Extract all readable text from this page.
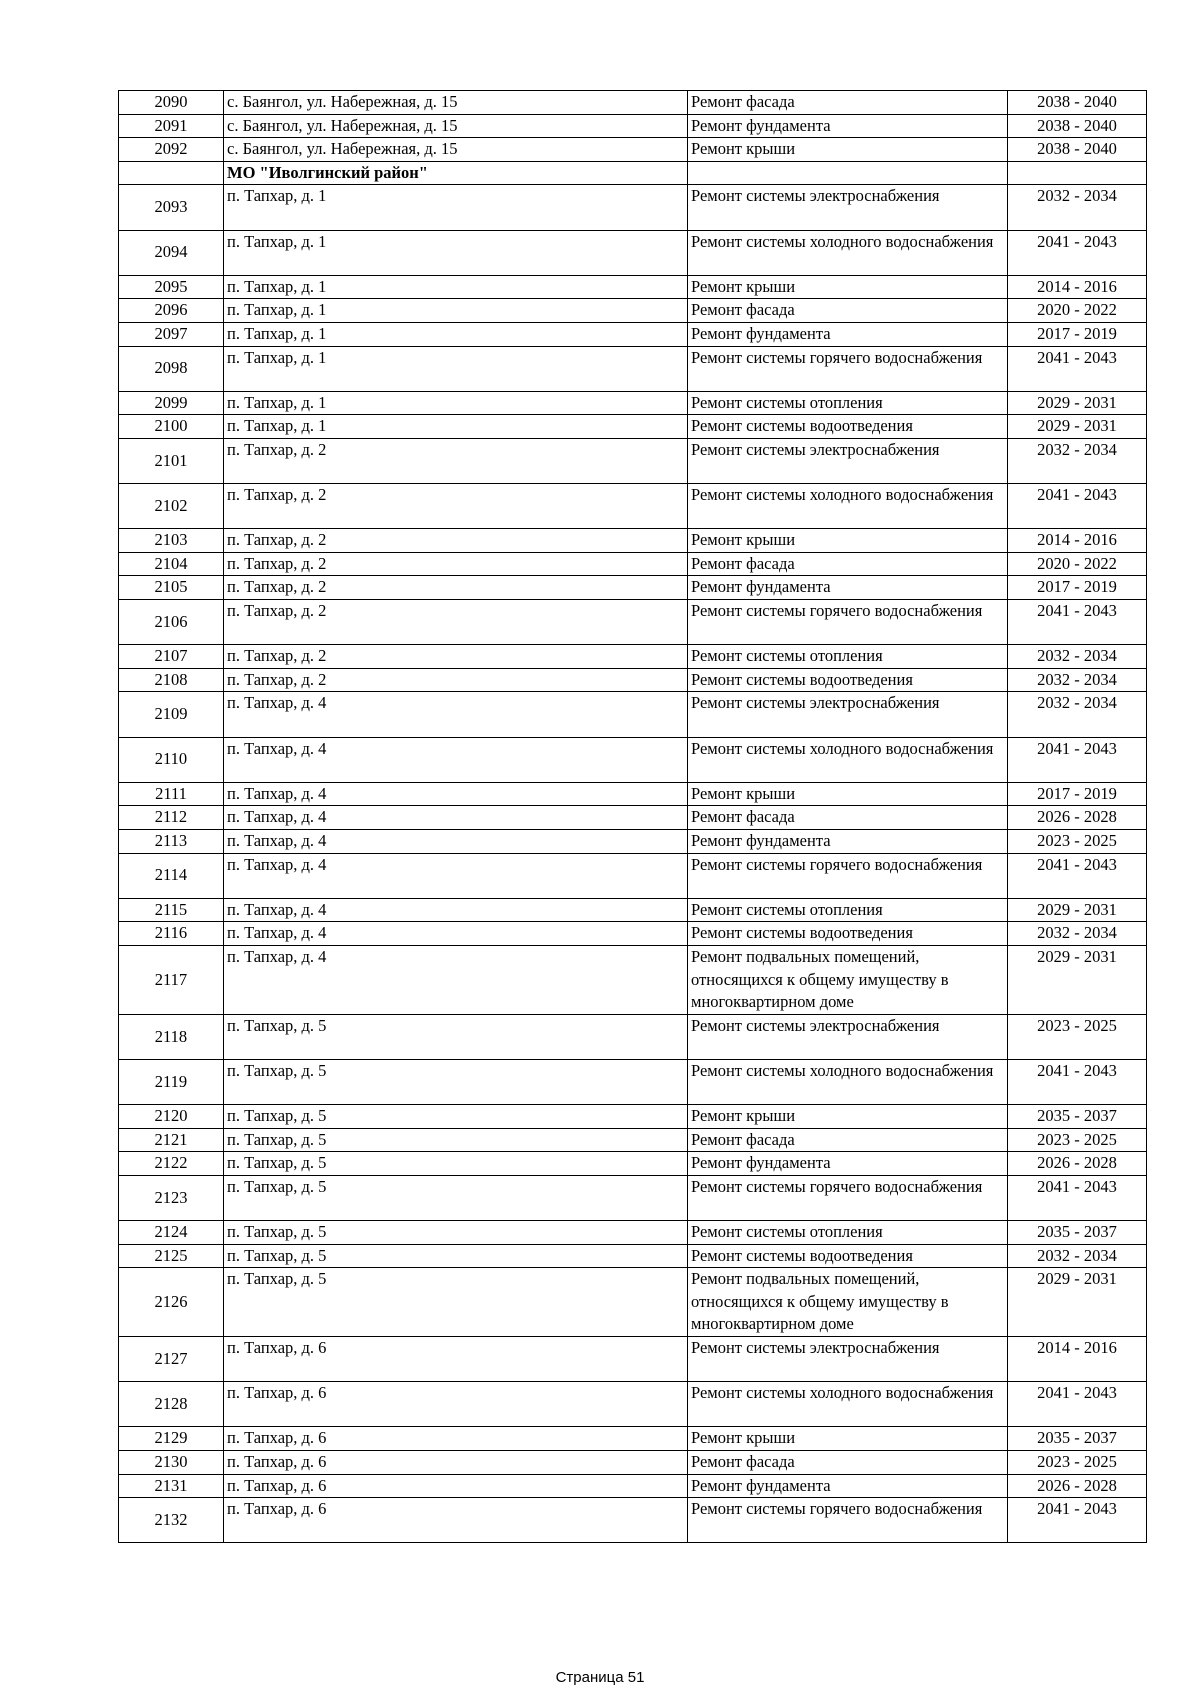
2090	с. Баянгол, ул. Набережная, д. 15	Ремонт фасада	2038 - 2040
2091	с. Баянгол, ул. Набережная, д. 15	Ремонт фундамента	2038 - 2040
2092	с. Баянгол, ул. Набережная, д. 15	Ремонт крыши	2038 - 2040
	МО "Иволгинский район"		
2093	п. Тапхар, д. 1	Ремонт системы электроснабжения	2032 - 2034
2094	п. Тапхар, д. 1	Ремонт системы холодного водоснабжения	2041 - 2043
2095	п. Тапхар, д. 1	Ремонт крыши	2014 - 2016
2096	п. Тапхар, д. 1	Ремонт фасада	2020 - 2022
2097	п. Тапхар, д. 1	Ремонт фундамента	2017 - 2019
2098	п. Тапхар, д. 1	Ремонт системы горячего водоснабжения	2041 - 2043
2099	п. Тапхар, д. 1	Ремонт системы отопления	2029 - 2031
2100	п. Тапхар, д. 1	Ремонт системы водоотведения	2029 - 2031
2101	п. Тапхар, д. 2	Ремонт системы электроснабжения	2032 - 2034
2102	п. Тапхар, д. 2	Ремонт системы холодного водоснабжения	2041 - 2043
2103	п. Тапхар, д. 2	Ремонт крыши	2014 - 2016
2104	п. Тапхар, д. 2	Ремонт фасада	2020 - 2022
2105	п. Тапхар, д. 2	Ремонт фундамента	2017 - 2019
2106	п. Тапхар, д. 2	Ремонт системы горячего водоснабжения	2041 - 2043
2107	п. Тапхар, д. 2	Ремонт системы отопления	2032 - 2034
2108	п. Тапхар, д. 2	Ремонт системы водоотведения	2032 - 2034
2109	п. Тапхар, д. 4	Ремонт системы электроснабжения	2032 - 2034
2110	п. Тапхар, д. 4	Ремонт системы холодного водоснабжения	2041 - 2043
2111	п. Тапхар, д. 4	Ремонт крыши	2017 - 2019
2112	п. Тапхар, д. 4	Ремонт фасада	2026 - 2028
2113	п. Тапхар, д. 4	Ремонт фундамента	2023 - 2025
2114	п. Тапхар, д. 4	Ремонт системы горячего водоснабжения	2041 - 2043
2115	п. Тапхар, д. 4	Ремонт системы отопления	2029 - 2031
2116	п. Тапхар, д. 4	Ремонт системы водоотведения	2032 - 2034
2117	п. Тапхар, д. 4	Ремонт подвальных помещений, относящихся к общему имуществу в многоквартирном доме	2029 - 2031
2118	п. Тапхар, д. 5	Ремонт системы электроснабжения	2023 - 2025
2119	п. Тапхар, д. 5	Ремонт системы холодного водоснабжения	2041 - 2043
2120	п. Тапхар, д. 5	Ремонт крыши	2035 - 2037
2121	п. Тапхар, д. 5	Ремонт фасада	2023 - 2025
2122	п. Тапхар, д. 5	Ремонт фундамента	2026 - 2028
2123	п. Тапхар, д. 5	Ремонт системы горячего водоснабжения	2041 - 2043
2124	п. Тапхар, д. 5	Ремонт системы отопления	2035 - 2037
2125	п. Тапхар, д. 5	Ремонт системы водоотведения	2032 - 2034
2126	п. Тапхар, д. 5	Ремонт подвальных помещений, относящихся к общему имуществу в многоквартирном доме	2029 - 2031
2127	п. Тапхар, д. 6	Ремонт системы электроснабжения	2014 - 2016
2128	п. Тапхар, д. 6	Ремонт системы холодного водоснабжения	2041 - 2043
2129	п. Тапхар, д. 6	Ремонт крыши	2035 - 2037
2130	п. Тапхар, д. 6	Ремонт фасада	2023 - 2025
2131	п. Тапхар, д. 6	Ремонт фундамента	2026 - 2028
2132	п. Тапхар, д. 6	Ремонт системы горячего водоснабжения	2041 - 2043
Страница 51
